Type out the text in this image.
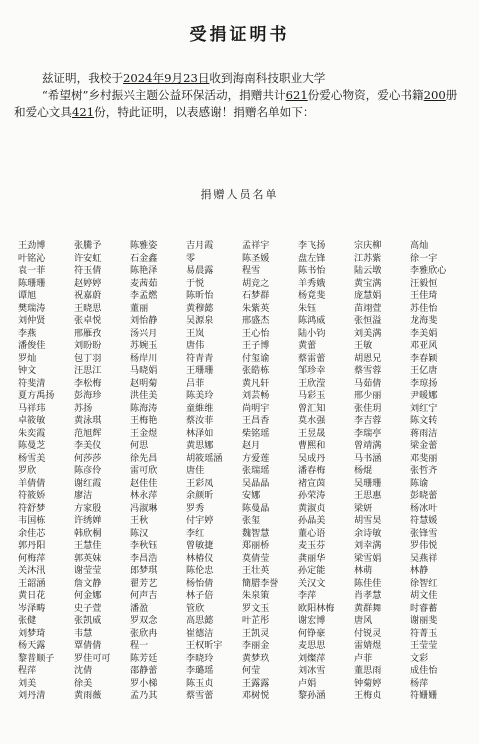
受捐证明书

兹证明，我校于2024年9月23日收到海南科技职业大学

“希望树”乡村振兴主题公益环保活动，捐赠共计621份爱心物资，爱心书籍200册和爱心文具421份，特此证明，以表感谢！捐赠名单如下：

捐赠人员名单
王劲博	张騰予	陈雅姿	吉月霞	孟祥宇	李飞扬	宗庆柳	高灿
叶铭沁	许安虹	石金鑫	零	陈圣媛	盘左锋	江苏紫	徐一宇
袁一菲	符玉倩	陈艳泽	易晨露	程雪	陈书怡	陆云墩	李雅欣心
陈珊珊	赵婷婷	麦茜茹	于悦	胡竞之	羊秀娥	黄宝满	汪毅恒
谭旭	祝嘉蔚	李孟燃	陈昕怡	石梦群	杨竟斐	庞慧娟	王佳琦
樊瑞涛	王晓思	董丽	黄穆懿	朱紫英	朱钰	苗翊萱	苏佳怡
刘仲贤	张卓悦	刘怡静	吴源泉	邢盛杰	陈鸿威	张恒溢	龙海斐
李燕	邢雁孜	汤兴月	王岚	王心怡	陆小钧	刘美满	李美娟
潘俊佳	刘盼盼	苏婉玉	唐伟	王子博	黄蕾	王敏	邓亚风
罗灿	包丁羽	杨岸川	符青青	付玺谕	蔡雷蕾	胡恩兄	李春颖
钟文	汪思江	马晓娟	王珊珊	张皓栋	邹珍幸	蔡雪蓉	王亿唐
符斐清	李松梅	赵明菊	吕菲	黄凡轩	王欣滢	马茹倩	李琼扬
夏方禹扬	彭海珍	洪佳美	陈美玲	刘芸畅	马彩玉	邢少丽	尹暖娜
马祥玮	苏扬	陈海涛	童維维	尚明宇	曾汇知	张佳玥	刘红宁
卓筱敏	黄泳琪	王梅艳	蔡汝菲	王昌香	莫水强	李吉蓉	陈文转
朱奕霞	范旭辉	王金煜	林泽如	柴铭瑶	王昱晟	李瑞亭	蒋雨洁
陈曼芝	李美仪	何思	黄思娜	赵月	曹熙和	曾靖满	梁金蕾
杨雪美	何莎莎	徐先昌	胡筱瑶涵	方爱莲	吴成丹	马书涵	邓斐丽
罗欣	陈彦伶	雷可欣	唐佳	张瑞瑶	潘春梅	杨焜	张哲齐
羊倩倩	谢红霞	赵佳佳	王彩凤	吴晶晶	褚宣茵	吴珊珊	陈谕
符筱娇	廖洁	林永萍	余颜昕	安娜	孙荣涛	王思惠	彭晓蕾
符舒梦	方家殷	冯淑琳	罗秀	陈曼晶	黄淑贞	梁妍	杨冰叶
韦国栋	许绣婵	王秋	付宇婷	张玺	孙晶美	胡雪昊	符慧媛
余佳芯	韩欣桐	陈汉	李红	魏智慧	董心语	余诗敏	张锋雪
郭丹阳	王慧佳	李秋钰	曾敏捷	郑丽桥	麦玉芬	刘幸满	罗伟悦
何梅萍	郭英妹	李昌浩	林椿仪	莫倩莹	龚丽华	梁雪娟	吴燕祥
关沐汛	谢莹莹	郎梦琪	陈伦忠	王壮英	孙定能	林萌	林静
王韶涵	詹文静	翟芳艺	杨怡倩	簡腊李誉	关汉文	陈佳佳	徐智红
黄日花	何金娜	何声吉	林子倍	朱泉策	李萍	肖孝慧	胡文佳
岑泽畴	史子萱	潘盈	管欣	罗文玉	欧阳林梅	黄群舞	时睿蓄
张健	张凯威	罗双念	高思懿	叶芷彤	谢宏博	唐风	谢丽斐
刘梦琦	韦慧	张欣冉	崔德洁	王凯灵	何铮豪	付锐灵	符菁玉
杨天露	覃倩倩	程一	王权昕宇	李丽金	麦思思	雷婧煜	王莹莹
黎普顺子	罗佳可可	陈芳廷	李晓玲	黄梦玖	刘燦萍	卢菲	文彩
程萍	沈倩	邵静蕾	李璐瑶	何莹	刘冰雪	董思雨	成佳怡
刘美	徐美	罗小梯	陈玉贞	王露露	卢娟	钟菊婷	杨萍
刘丹清	黄雨薇	孟乃其	蔡雪蕾	邓树悦	黎孙涵	王梅贞	符姗姗
